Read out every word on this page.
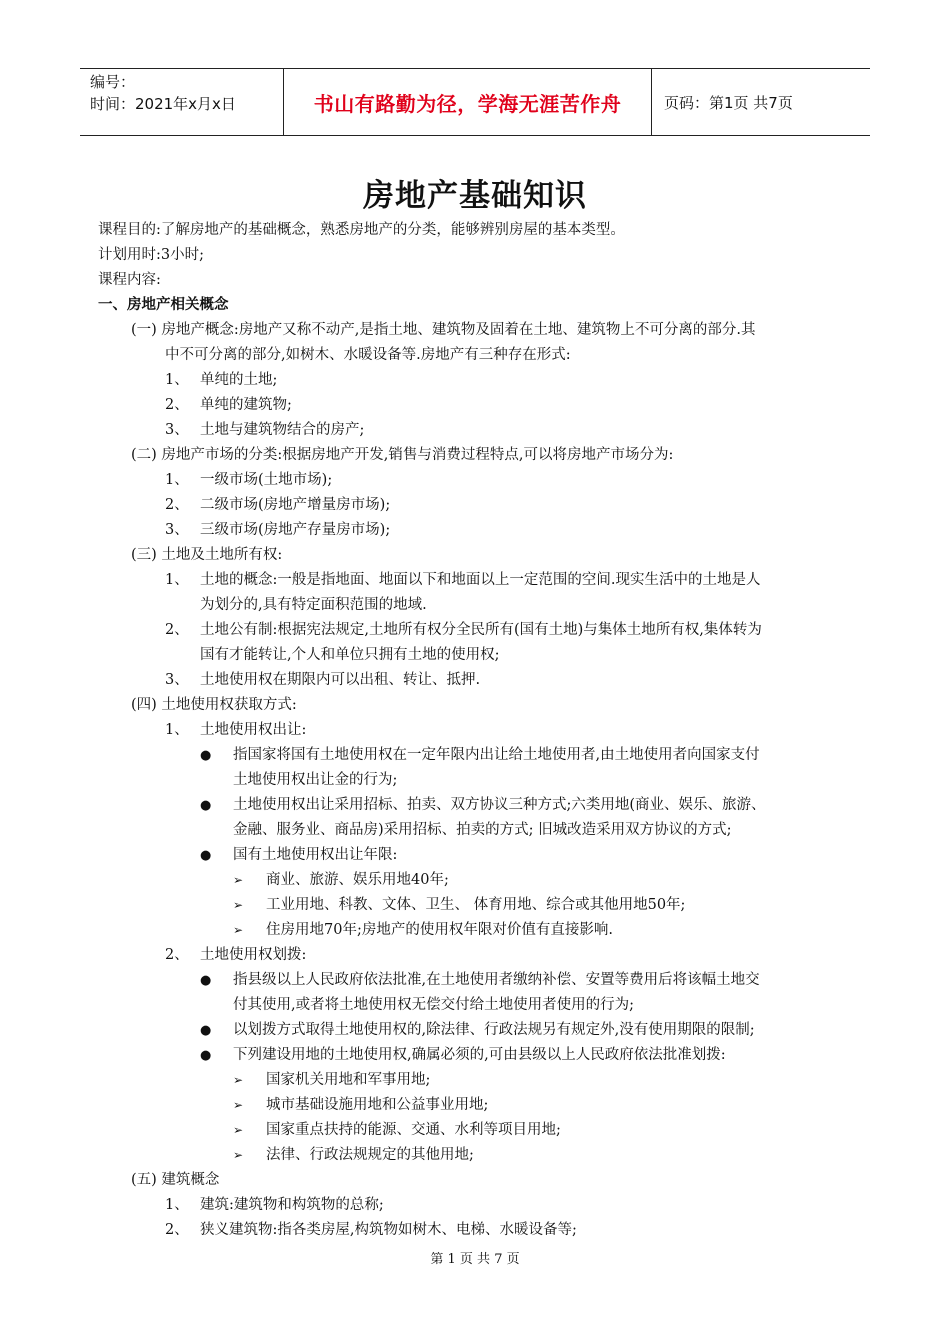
编号：
时间：2021年x月x日	书山有路勤为径，学海无涯苦作舟	页码：第1页 共7页
房地产基础知识
课程目的:了解房地产的基础概念，熟悉房地产的分类，能够辨别房屋的基本类型。
计划用时:3小时;
课程内容:
一、房地产相关概念
(一) 房地产概念:房地产又称不动产,是指土地、建筑物及固着在土地、建筑物上不可分离的部分.其
中不可分离的部分,如树木、水暖设备等.房地产有三种存在形式:
1、 单纯的土地;
2、 单纯的建筑物;
3、 土地与建筑物结合的房产;
(二) 房地产市场的分类:根据房地产开发,销售与消费过程特点,可以将房地产市场分为:
1、 一级市场(土地市场);
2、 二级市场(房地产增量房市场);
3、 三级市场(房地产存量房市场);
(三) 土地及土地所有权:
1、 土地的概念:一般是指地面、地面以下和地面以上一定范围的空间.现实生活中的土地是人
为划分的,具有特定面积范围的地域.
2、 土地公有制:根据宪法规定,土地所有权分全民所有(国有土地)与集体土地所有权,集体转为
国有才能转让,个人和单位只拥有土地的使用权;
3、 土地使用权在期限内可以出租、转让、抵押.
(四) 土地使用权获取方式:
1、 土地使用权出让:
● 指国家将国有土地使用权在一定年限内出让给土地使用者,由土地使用者向国家支付
土地使用权出让金的行为;
● 土地使用权出让采用招标、拍卖、双方协议三种方式;六类用地(商业、娱乐、旅游、
金融、服务业、商品房)采用招标、拍卖的方式; 旧城改造采用双方协议的方式;
● 国有土地使用权出让年限:
➢ 商业、旅游、娱乐用地40年;
➢ 工业用地、科教、文体、卫生、 体育用地、综合或其他用地50年;
➢ 住房用地70年;房地产的使用权年限对价值有直接影响.
2、 土地使用权划拨:
● 指县级以上人民政府依法批准,在土地使用者缴纳补偿、安置等费用后将该幅土地交
付其使用,或者将土地使用权无偿交付给土地使用者使用的行为;
● 以划拨方式取得土地使用权的,除法律、行政法规另有规定外,没有使用期限的限制;
● 下列建设用地的土地使用权,确属必须的,可由县级以上人民政府依法批准划拨:
➢ 国家机关用地和军事用地;
➢ 城市基础设施用地和公益事业用地;
➢ 国家重点扶持的能源、交通、水利等项目用地;
➢ 法律、行政法规规定的其他用地;
(五) 建筑概念
1、 建筑:建筑物和构筑物的总称;
2、 狭义建筑物:指各类房屋,构筑物如树木、电梯、水暖设备等;
第 1 页 共 7 页
